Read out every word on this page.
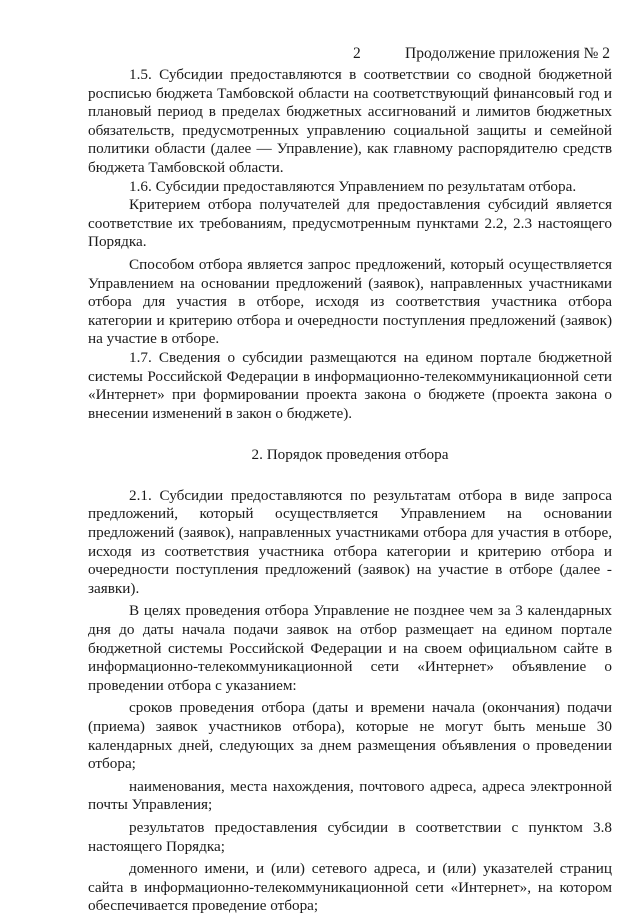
2	Продолжение приложения № 2

1.5. Субсидии предоставляются в соответствии со сводной бюджетной росписью бюджета Тамбовской области на соответствующий финансовый год и плановый период в пределах бюджетных ассигнований и лимитов бюджетных обязательств, предусмотренных управлению социальной защиты и семейной политики области (далее — Управление), как главному распорядителю средств бюджета Тамбовской области.

1.6. Субсидии предоставляются Управлением по результатам отбора.

Критерием отбора получателей для предоставления субсидий является соответствие их требованиям, предусмотренным пунктами 2.2, 2.3 настоящего Порядка.

Способом отбора является запрос предложений, который осуществляется Управлением на основании предложений (заявок), направленных участниками отбора для участия в отборе, исходя из соответствия участника отбора категории и критерию отбора и очередности поступления предложений (заявок) на участие в отборе.

1.7. Сведения о субсидии размещаются на едином портале бюджетной системы Российской Федерации в информационно-телекоммуникационной сети «Интернет» при формировании проекта закона о бюджете (проекта закона о внесении изменений в закон о бюджете).

2. Порядок проведения отбора

2.1. Субсидии предоставляются по результатам отбора в виде запроса предложений, который осуществляется Управлением на основании предложений (заявок), направленных участниками отбора для участия в отборе, исходя из соответствия участника отбора категории и критерию отбора и очередности поступления предложений (заявок) на участие в отборе (далее - заявки).

В целях проведения отбора Управление не позднее чем за 3 календарных дня до даты начала подачи заявок на отбор размещает на едином портале бюджетной системы Российской Федерации и на своем официальном сайте в информационно-телекоммуникационной сети «Интернет» объявление о проведении отбора с указанием:

сроков проведения отбора (даты и времени начала (окончания) подачи (приема) заявок участников отбора), которые не могут быть меньше 30 календарных дней, следующих за днем размещения объявления о проведении отбора;

наименования, места нахождения, почтового адреса, адреса электронной почты Управления;

результатов предоставления субсидии в соответствии с пунктом 3.8 настоящего Порядка;

доменного имени, и (или) сетевого адреса, и (или) указателей страниц сайта в информационно-телекоммуникационной сети «Интернет», на котором обеспечивается проведение отбора;
